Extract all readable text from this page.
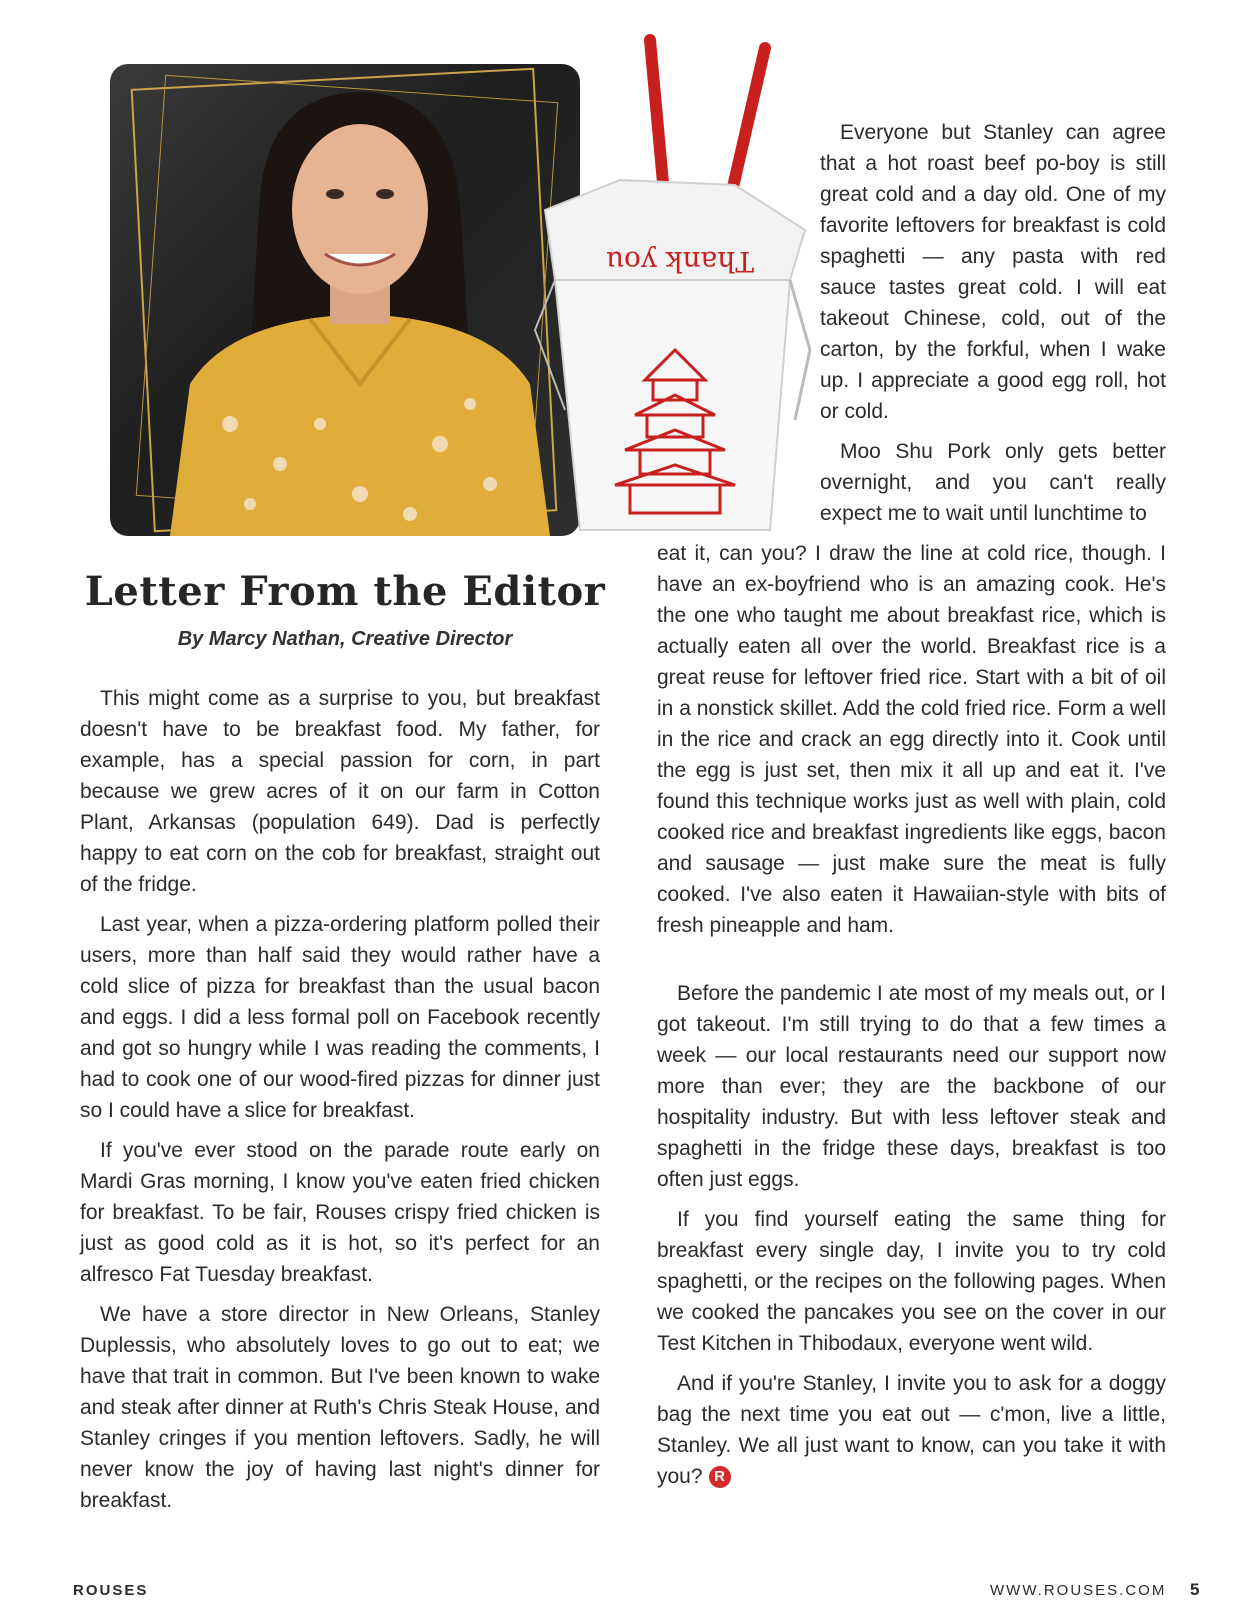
Thank you
Letter From the Editor
By Marcy Nathan, Creative Director

This might come as a surprise to you, but breakfast doesn't have to be breakfast food. My father, for example, has a special passion for corn, in part because we grew acres of it on our farm in Cotton Plant, Arkansas (population 649). Dad is perfectly happy to eat corn on the cob for breakfast, straight out of the fridge.

Last year, when a pizza-ordering platform polled their users, more than half said they would rather have a cold slice of pizza for breakfast than the usual bacon and eggs. I did a less formal poll on Facebook recently and got so hungry while I was reading the comments, I had to cook one of our wood-fired pizzas for dinner just so I could have a slice for breakfast.

If you've ever stood on the parade route early on Mardi Gras morning, I know you've eaten fried chicken for breakfast. To be fair, Rouses crispy fried chicken is just as good cold as it is hot, so it's perfect for an alfresco Fat Tuesday breakfast.

We have a store director in New Orleans, Stanley Duplessis, who absolutely loves to go out to eat; we have that trait in common. But I've been known to wake and steak after dinner at Ruth's Chris Steak House, and Stanley cringes if you mention leftovers. Sadly, he will never know the joy of having last night's dinner for breakfast.

Everyone but Stanley can agree that a hot roast beef po-boy is still great cold and a day old. One of my favorite leftovers for breakfast is cold spaghetti — any pasta with red sauce tastes great cold. I will eat takeout Chinese, cold, out of the carton, by the forkful, when I wake up. I appreciate a good egg roll, hot or cold.

Moo Shu Pork only gets better overnight, and you can't really expect me to wait until lunchtime to

eat it, can you? I draw the line at cold rice, though. I have an ex-boyfriend who is an amazing cook. He's the one who taught me about breakfast rice, which is actually eaten all over the world. Breakfast rice is a great reuse for leftover fried rice. Start with a bit of oil in a nonstick skillet. Add the cold fried rice. Form a well in the rice and crack an egg directly into it. Cook until the egg is just set, then mix it all up and eat it. I've found this technique works just as well with plain, cold cooked rice and breakfast ingredients like eggs, bacon and sausage — just make sure the meat is fully cooked. I've also eaten it Hawaiian-style with bits of fresh pineapple and ham.

Before the pandemic I ate most of my meals out, or I got takeout. I'm still trying to do that a few times a week — our local restaurants need our support now more than ever; they are the backbone of our hospitality industry. But with less leftover steak and spaghetti in the fridge these days, breakfast is too often just eggs.

If you find yourself eating the same thing for breakfast every single day, I invite you to try cold spaghetti, or the recipes on the following pages. When we cooked the pancakes you see on the cover in our Test Kitchen in Thibodaux, everyone went wild.

And if you're Stanley, I invite you to ask for a doggy bag the next time you eat out — c'mon, live a little, Stanley. We all just want to know, can you take it with you? R

ROUSES	WWW.ROUSES.COM 5
